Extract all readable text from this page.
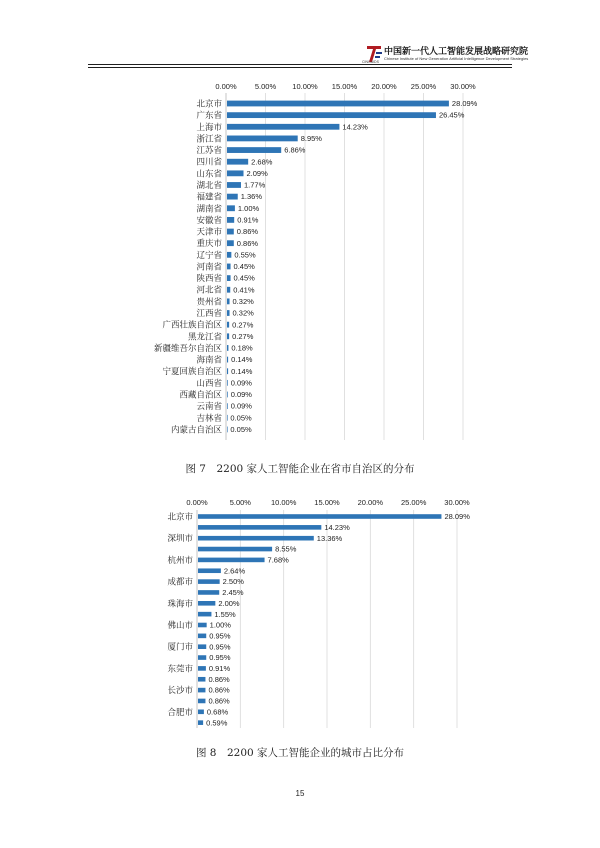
中国新一代人工智能发展战略研究院
Chinese Institute of New Generation Artificial Intelligence Development Strategies
CINGAIDS
0.00% 5.00% 10.00% 15.00% 20.00% 25.00% 30.00%
28.09%
北京市
26.45%
广东省
14.23%
上海市
8.95%
浙江省
6.86%
江苏省
2.68%
四川省
2.09%
山东省
1.77%
湖北省
1.36%
福建省
1.00%
湖南省
0.91%
安徽省
0.86%
天津市
0.86%
重庆市
0.55%
辽宁省
0.45%
河南省
0.45%
陕西省
0.41%
河北省
0.32%
贵州省
0.32%
江西省
0.27%
广西壮族自治区
0.27%
黑龙江省
0.18%
新疆维吾尔自治区
0.14%
海南省
0.14%
宁夏回族自治区
0.09%
山西省
0.09%
西藏自治区
0.09%
云南省
0.05%
吉林省
0.05%
内蒙古自治区
图 7　2200 家人工智能企业在省市自治区的分布
0.00%	5.00%	10.00% 15.00% 20.00% 25.00% 30.00%
28.09%
北京市
14.23%
13.36%
深圳市
8.55%
7.68%
杭州市
2.64%
2.50%
成都市
2.45%
2.00%
珠海市
1.55%
1.00%
佛山市
0.95%
0.95%
厦门市
0.95%
0.91%
东莞市
0.86%
0.86%
长沙市
0.86%
0.68%
合肥市
0.59%
图 8　2200 家人工智能企业的城市占比分布
15
